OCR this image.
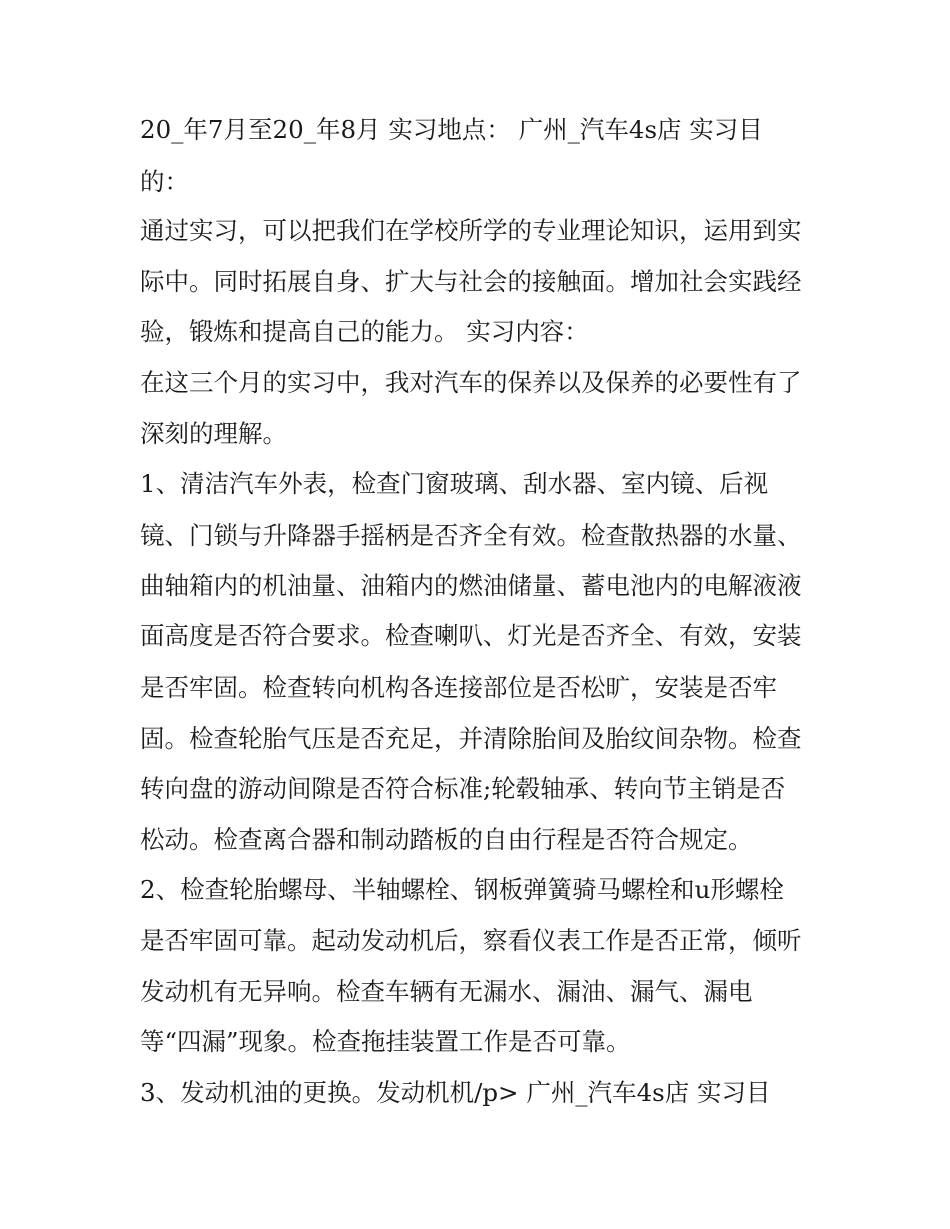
20_年7月至20_年8月 实习地点： 广州_汽车4s店 实习目

的：

通过实习，可以把我们在学校所学的专业理论知识，运用到实

际中。同时拓展自身、扩大与社会的接触面。增加社会实践经

验，锻炼和提高自己的能力。 实习内容：

在这三个月的实习中，我对汽车的保养以及保养的必要性有了

深刻的理解。

1、清洁汽车外表，检查门窗玻璃、刮水器、室内镜、后视

镜、门锁与升降器手摇柄是否齐全有效。检查散热器的水量、

曲轴箱内的机油量、油箱内的燃油储量、蓄电池内的电解液液

面高度是否符合要求。检查喇叭、灯光是否齐全、有效，安装

是否牢固。检查转向机构各连接部位是否松旷，安装是否牢

固。检查轮胎气压是否充足，并清除胎间及胎纹间杂物。检查

转向盘的游动间隙是否符合标准;轮毂轴承、转向节主销是否

松动。检查离合器和制动踏板的自由行程是否符合规定。

2、检查轮胎螺母、半轴螺栓、钢板弹簧骑马螺栓和u形螺栓

是否牢固可靠。起动发动机后，察看仪表工作是否正常，倾听

发动机有无异响。检查车辆有无漏水、漏油、漏气、漏电

等“四漏”现象。检查拖挂装置工作是否可靠。

3、发动机油的更换。发动机机/p> 广州_汽车4s店 实习目
